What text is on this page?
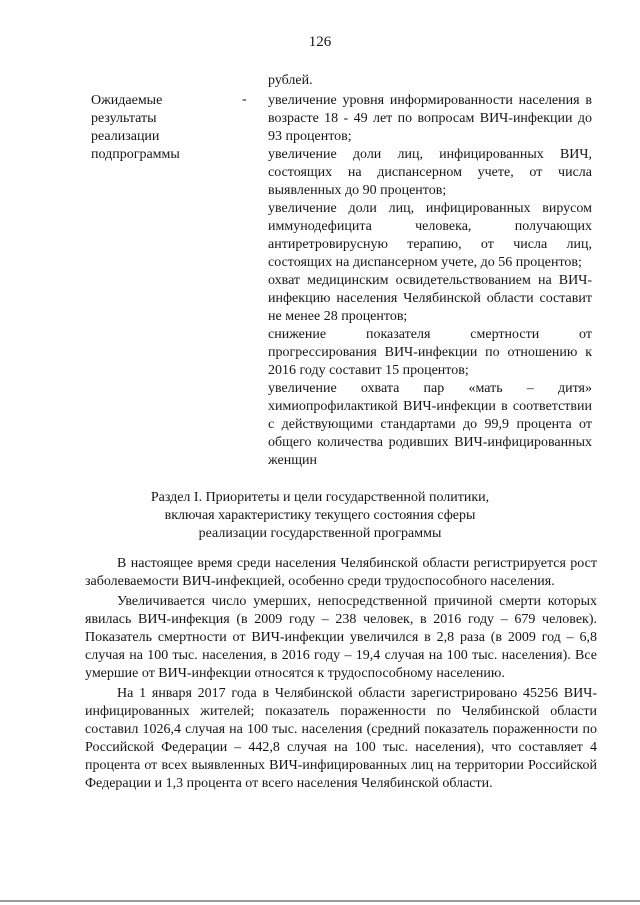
126
Ожидаемые
результаты
реализации
подпрограммы
-
рублей.
увеличение уровня информированности населения в возрасте 18 - 49 лет по вопросам ВИЧ-инфекции до 93 процентов;
увеличение доли лиц, инфицированных ВИЧ, состоящих на диспансерном учете, от числа выявленных до 90 процентов;
увеличение доли лиц, инфицированных вирусом иммунодефицита человека, получающих антиретровирусную терапию, от числа лиц, состоящих на диспансерном учете, до 56 процентов;
охват медицинским освидетельствованием на ВИЧ-инфекцию населения Челябинской области составит не менее 28 процентов;
снижение показателя смертности от прогрессирования ВИЧ-инфекции по отношению к 2016 году составит 15 процентов;
увеличение охвата пар «мать – дитя» химиопрофилактикой ВИЧ-инфекции в соответствии с действующими стандартами до 99,9 процента от общего количества родивших ВИЧ-инфицированных женщин
Раздел I. Приоритеты и цели государственной политики,
включая характеристику текущего состояния сферы
реализации государственной программы

В настоящее время среди населения Челябинской области регистрируется рост заболеваемости ВИЧ-инфекцией, особенно среди трудоспособного населения.

Увеличивается число умерших, непосредственной причиной смерти которых явилась ВИЧ-инфекция (в 2009 году – 238 человек, в 2016 году – 679 человек). Показатель смертности от ВИЧ-инфекции увеличился в 2,8 раза (в 2009 год – 6,8 случая на 100 тыс. населения, в 2016 году – 19,4 случая на 100 тыс. населения). Все умершие от ВИЧ-инфекции относятся к трудоспособному населению.

На 1 января 2017 года в Челябинской области зарегистрировано 45256 ВИЧ-инфицированных жителей; показатель пораженности по Челябинской области составил 1026,4 случая на 100 тыс. населения (средний показатель пораженности по Российской Федерации – 442,8 случая на 100 тыс. населения), что составляет 4 процента от всех выявленных ВИЧ-инфицированных лиц на территории Российской Федерации и 1,3 процента от всего населения Челябинской области.
